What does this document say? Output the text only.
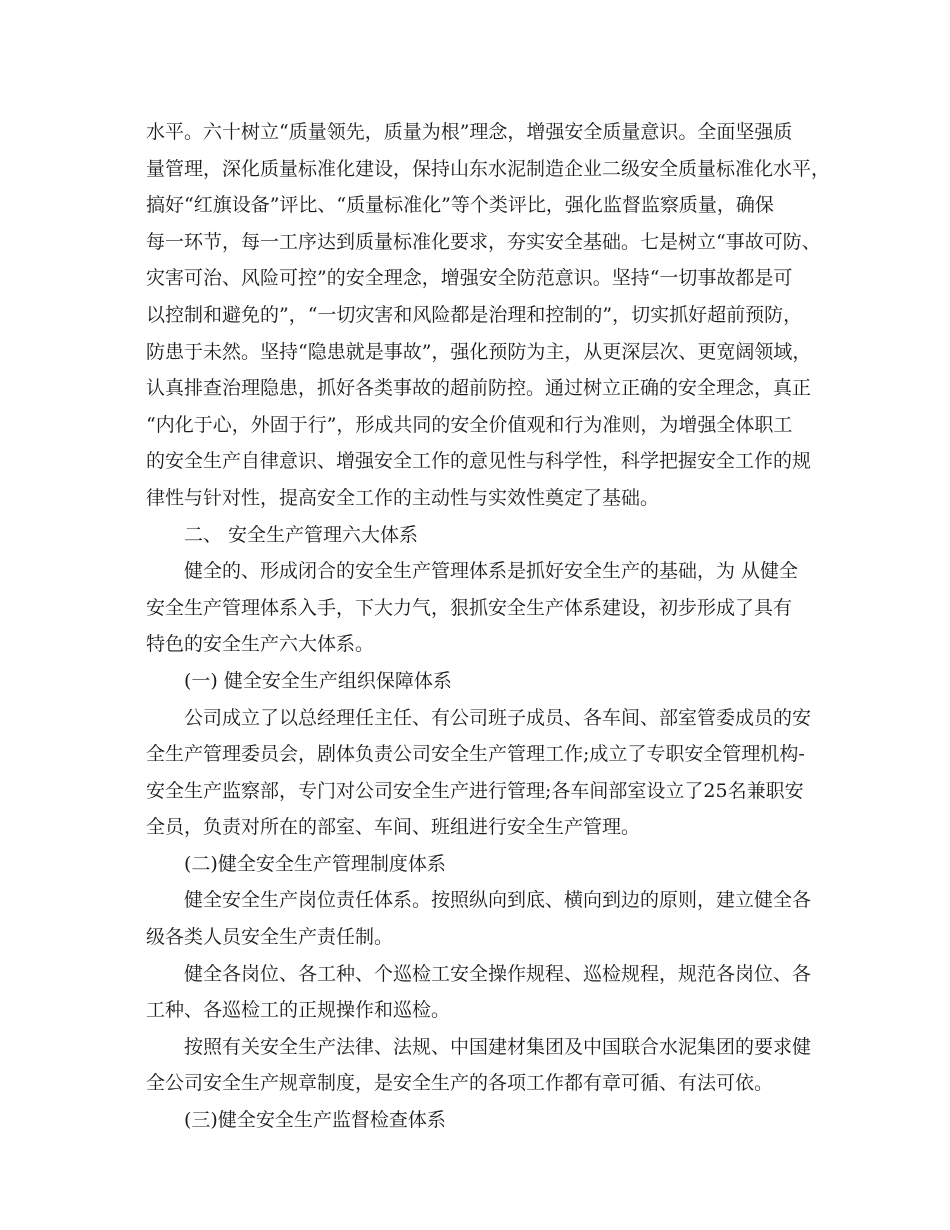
水平。六十树立“质量领先，质量为根”理念，增强安全质量意识。全面坚强质
量管理，深化质量标准化建设，保持山东水泥制造企业二级安全质量标准化水平，
搞好“红旗设备”评比、“质量标准化”等个类评比，强化监督监察质量，确保
每一环节，每一工序达到质量标准化要求，夯实安全基础。七是树立“事故可防、
灾害可治、风险可控”的安全理念，增强安全防范意识。坚持“一切事故都是可
以控制和避免的”，“一切灾害和风险都是治理和控制的”，切实抓好超前预防，
防患于未然。坚持“隐患就是事故”，强化预防为主，从更深层次、更宽阔领域，
认真排查治理隐患，抓好各类事故的超前防控。通过树立正确的安全理念，真正
“内化于心，外固于行”，形成共同的安全价值观和行为准则，为增强全体职工
的安全生产自律意识、增强安全工作的意见性与科学性，科学把握安全工作的规
律性与针对性，提高安全工作的主动性与实效性奠定了基础。
二、 安全生产管理六大体系
健全的、形成闭合的安全生产管理体系是抓好安全生产的基础，为 从健全
安全生产管理体系入手，下大力气，狠抓安全生产体系建设，初步形成了具有
特色的安全生产六大体系。
(一) 健全安全生产组织保障体系
公司成立了以总经理任主任、有公司班子成员、各车间、部室管委成员的安
全生产管理委员会，剧体负责公司安全生产管理工作;成立了专职安全管理机构-
安全生产监察部，专门对公司安全生产进行管理;各车间部室设立了25名兼职安
全员，负责对所在的部室、车间、班组进行安全生产管理。
(二)健全安全生产管理制度体系
健全安全生产岗位责任体系。按照纵向到底、横向到边的原则，建立健全各
级各类人员安全生产责任制。
健全各岗位、各工种、个巡检工安全操作规程、巡检规程，规范各岗位、各
工种、各巡检工的正规操作和巡检。
按照有关安全生产法律、法规、中国建材集团及中国联合水泥集团的要求健
全公司安全生产规章制度，是安全生产的各项工作都有章可循、有法可依。
(三)健全安全生产监督检查体系
